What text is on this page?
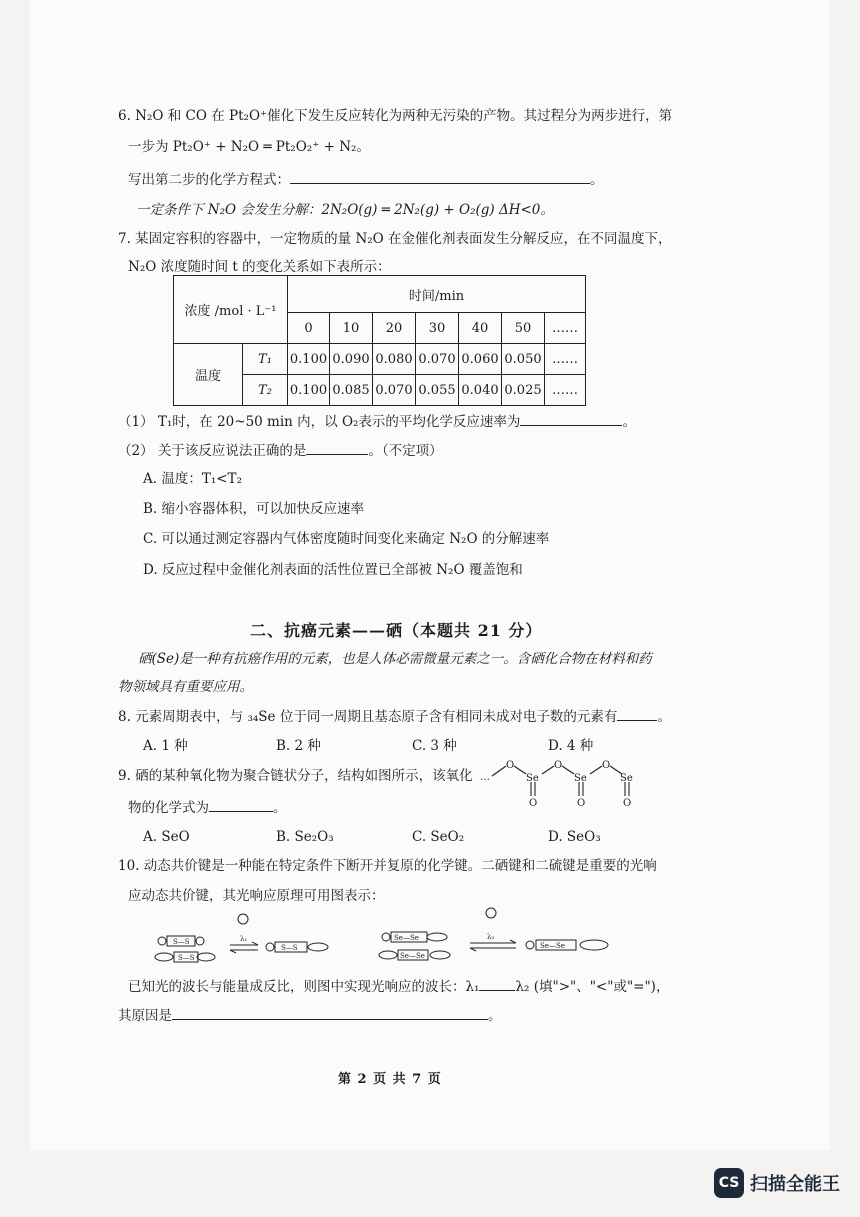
6. N₂O 和 CO 在 Pt₂O⁺催化下发生反应转化为两种无污染的产物。其过程分为两步进行，第
一步为 Pt₂O⁺ + N₂O ═ Pt₂O₂⁺ + N₂。
写出第二步的化学方程式：	。
一定条件下 N₂O 会发生分解：2N₂O(g) ═ 2N₂(g) + O₂(g) ΔH<0。
7. 某固定容积的容器中，一定物质的量 N₂O 在金催化剂表面发生分解反应，在不同温度下，
N₂O 浓度随时间 t 的变化关系如下表所示：
浓度 /mol · L⁻¹		时间/min						
		0	10	20	30	40	50	……
温度	T₁	0.100	0.090	0.080	0.070	0.060	0.050	……
	T₂	0.100	0.085	0.070	0.055	0.040	0.025	……
（1） T₁时，在 20~50 min 内，以 O₂表示的平均化学反应速率为	。
（2） 关于该反应说法正确的是	。（不定项）
A. 温度：T₁<T₂
B. 缩小容器体积，可以加快反应速率
C. 可以通过测定容器内气体密度随时间变化来确定 N₂O 的分解速率
D. 反应过程中金催化剂表面的活性位置已全部被 N₂O 覆盖饱和
二、抗癌元素——硒（本题共 21 分）
硒(Se)是一种有抗癌作用的元素，也是人体必需微量元素之一。含硒化合物在材料和药
物领域具有重要应用。
8. 元素周期表中，与 ₃₄Se 位于同一周期且基态原子含有相同未成对电子数的元素有	。
A. 1 种	B. 2 种	C. 3 种	D. 4 种
9. 硒的某种氧化物为聚合链状分子，结构如图所示，该氧化
物的化学式为	。
…
O
Se
O
Se
O
Se
O	O	O
A. SeO	B. Se₂O₃	C. SeO₂	D. SeO₃
10. 动态共价键是一种能在特定条件下断开并复原的化学键。二硒键和二硫键是重要的光响
应动态共价键，其光响应原理可用图表示：
S—S
S—S
S—S
Se—Se
Se—Se
Se—Se
λ₁	λ₂
已知光的波长与能量成反比，则图中实现光响应的波长：λ₁	λ₂ (填">"、"<"或"=")，
其原因是	。
第 2 页 共 7 页
CS 扫描全能王
